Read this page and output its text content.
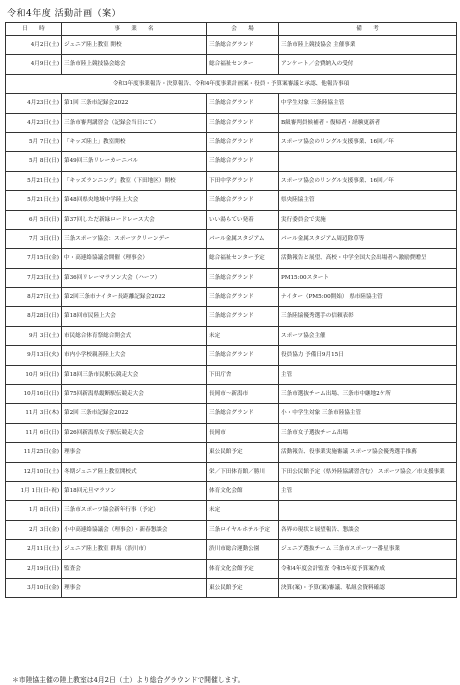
令和4年度 活動計画（案）
日　　時	事　　業　　名	会　　場	備　　考
4月2日(土)	ジュニア陸上教室 開校	三条総合グランド	三条市陸上競技協会 主催事業
4月9日(土)	三条市陸上競技協会総会	総合福祉センター	アンケート／会費納入の受付
令和3年度事業報告・決算報告、令和4年度事業計画案・役員・予算案審議と承認、他報告事項			
4月23日(土)	第1回 三条市記録会2022	三条総合グランド	中学生対象 三条陸協主管
4月23日(土)	三条市審判講習会（記録会当日にて）	三条総合グランド	B級審判員候補者・復帰者・経験更新者
5月 7日(土)	「キッズ陸上」教室開校	三条総合グランド	スポーツ協会のリングル支援事業、16回／年
5月 8日(日)	第49回三条リレーカーニバル	三条総合グランド	
5月21日(土)	「キッズランニング」教室（下田地区）開校	下田中学グランド	スポーツ協会のリングル支援事業、16回／年
5月21日(土)	第48回県央地域中学陸上大会	三条総合グランド	県央陸協主管
6月 5日(日)	第37回しただ新緑ロードレース大会	いい湯らてい発着	実行委員会で実施
7月 3日(日)	三条スポーツ協会：スポーツクリーンデー	パール金属スタジアム	パール金属スタジアム周辺除草等
7月15日(金)	中・高連絡協議会開催（理事会）	総合福祉センター予定	活動報告と展望、高校・中学全国大会出場者へ激励費贈呈
7月23日(土)	第36回リレーマラソン大会（ハーフ）	三条総合グランド	PM15:00スタート
8月27日(土)	第2回三条市ナイター長距離記録会2022	三条総合グランド	ナイター（PM5:00開始） 県市陸協主管
8月28日(日)	第18回市民陸上大会	三条総合グランド	三条陸協優秀選手の信頼表彰
9月 3日(土)	市民総合体育祭総合開会式	未定	スポーツ協会主催
9月13日(火)	市内小学校親善陸上大会	三条総合グランド	役員協力 予備日9月15日
10月 9日(日)	第18回三条市民駅伝競走大会	下田庁舎	主管
10月16日(日)	第75回新潟県縦断駅伝競走大会	長岡市～新潟市	三条市選抜チーム出場、三条市中継地2ケ所
11月 3日(木)	第2回 三条市記録会2022	三条総合グランド	小・中学生対象 三条市陸協主管
11月 6日(日)	第26回新潟県女子駅伝競走大会	長岡市	三条市女子選抜チーム出場
11月25日(金)	理事会	東公民館予定	活動報告、役事業実施審議 スポーツ協会優秀選手推薦
12月10日(土)	冬期ジュニア陸上教室開校式	栄／下田体育館／勝川	下田公民館予定（県外陸協講習含む） スポーツ協会／市支援事業
1月 1日(日･祝)	第18回元旦マラソン	体育文化会館	主管
1月 8日(日)	三条市スポーツ協会新年行事（予定）	未定	
2月 3日(金)	小中高連絡協議会（理事会）・新春懇談会	三条ロイヤルホテル予定	各界の現状と展望報告、懇談会
2月11日(土)	ジュニア陸上教室 群馬（渋川市）	渋川市総合運動公園	ジュニア選抜チーム 三条市スポーツ一番星事業
2月19日(日)	監査会	体育文化会館予定	令和4年度会計監査 令和5年度予算案作成
3月10日(金)	理事会	東公民館予定	決算(案)・予算(案)審議、私組会資料確認
＊市陸協主催の陸上教室は4月2日（土）より総合グラウンドで開催します。
